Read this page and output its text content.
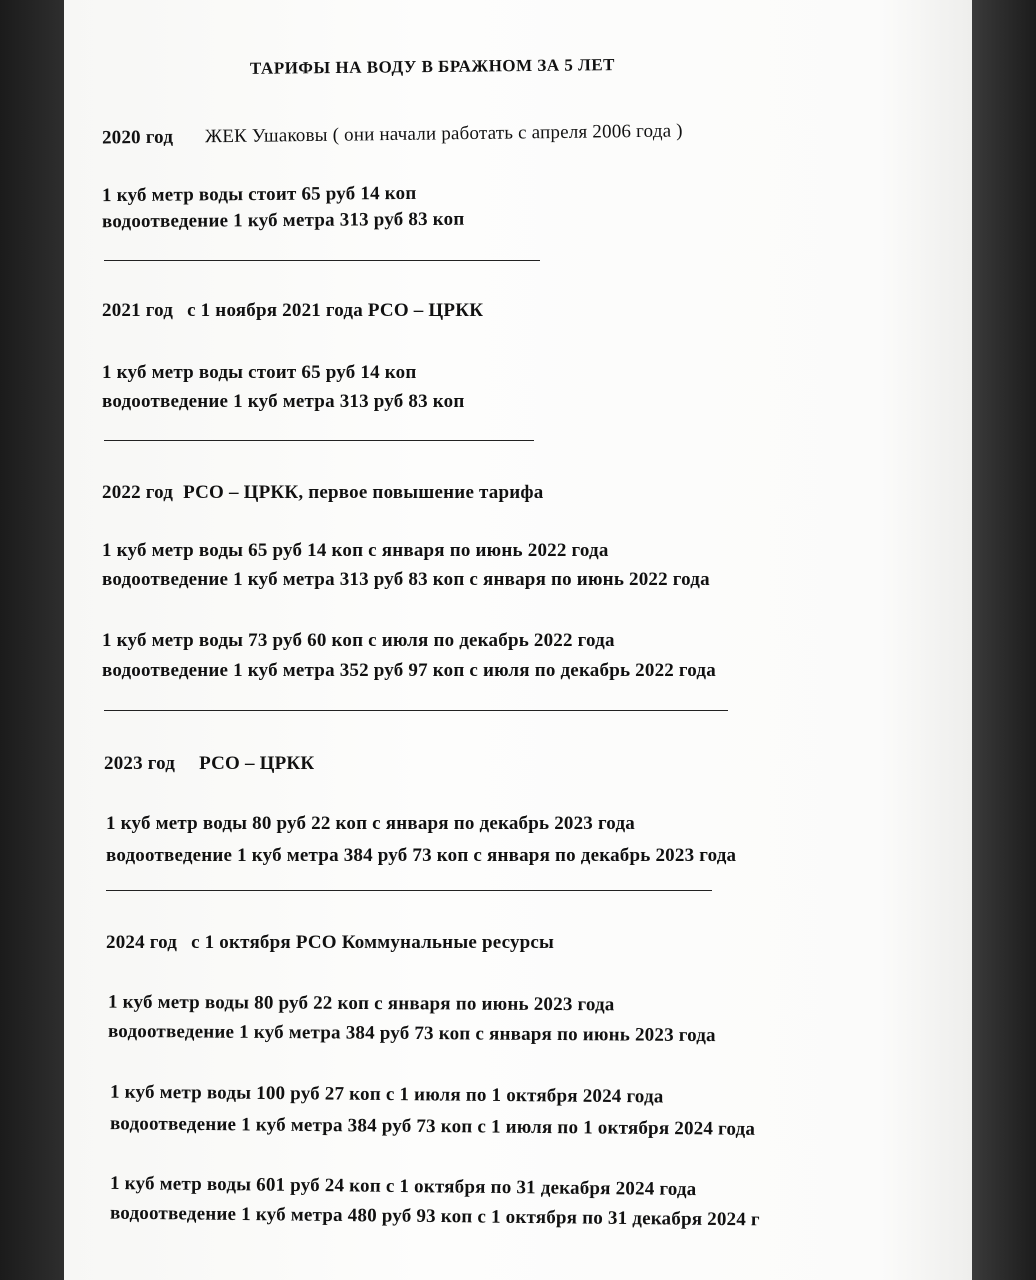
ТАРИФЫ НА ВОДУ В БРАЖНОМ ЗА 5 ЛЕТ
2020 год ЖЕК Ушаковы ( они начали работать с апреля 2006 года )
1 куб метр воды стоит 65 руб 14 коп
водоотведение 1 куб метра 313 руб 83 коп
2021 год с 1 ноября 2021 года РСО – ЦРКК
1 куб метр воды стоит 65 руб 14 коп
водоотведение 1 куб метра 313 руб 83 коп
2022 год РСО – ЦРКК, первое повышение тарифа
1 куб метр воды 65 руб 14 коп с января по июнь 2022 года
водоотведение 1 куб метра 313 руб 83 коп с января по июнь 2022 года
1 куб метр воды 73 руб 60 коп с июля по декабрь 2022 года
водоотведение 1 куб метра 352 руб 97 коп с июля по декабрь 2022 года
2023 год РСО – ЦРКК
1 куб метр воды 80 руб 22 коп с января по декабрь 2023 года
водоотведение 1 куб метра 384 руб 73 коп с января по декабрь 2023 года
2024 год с 1 октября РСО Коммунальные ресурсы
1 куб метр воды 80 руб 22 коп с января по июнь 2023 года
водоотведение 1 куб метра 384 руб 73 коп с января по июнь 2023 года
1 куб метр воды 100 руб 27 коп с 1 июля по 1 октября 2024 года
водоотведение 1 куб метра 384 руб 73 коп с 1 июля по 1 октября 2024 года
1 куб метр воды 601 руб 24 коп с 1 октября по 31 декабря 2024 года
водоотведение 1 куб метра 480 руб 93 коп с 1 октября по 31 декабря 2024 г
